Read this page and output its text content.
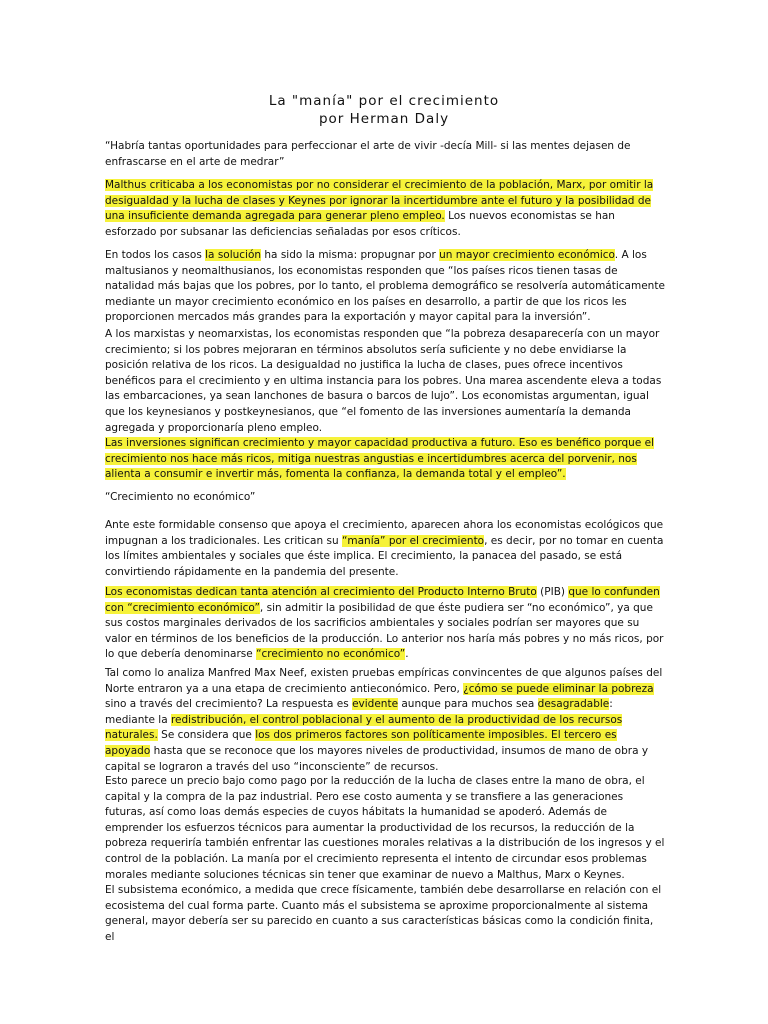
La "manía" por el crecimiento
por Herman Daly

“Habría tantas oportunidades para perfeccionar el arte de vivir -decía Mill- si las mentes dejasen de enfrascarse en el arte de medrar”

Malthus criticaba a los economistas por no considerar el crecimiento de la población, Marx, por omitir la desigualdad y la lucha de clases y Keynes por ignorar la incertidumbre ante el futuro y la posibilidad de una insuficiente demanda agregada para generar pleno empleo. Los nuevos economistas se han esforzado por subsanar las deficiencias señaladas por esos críticos.

En todos los casos la solución ha sido la misma: propugnar por un mayor crecimiento económico. A los maltusianos y neomalthusianos, los economistas responden que “los países ricos tienen tasas de natalidad más bajas que los pobres, por lo tanto, el problema demográfico se resolvería automáticamente mediante un mayor crecimiento económico en los países en desarrollo, a partir de que los ricos les proporcionen mercados más grandes para la exportación y mayor capital para la inversión”.

A los marxistas y neomarxistas, los economistas responden que “la pobreza desaparecería con un mayor crecimiento; si los pobres mejoraran en términos absolutos sería suficiente y no debe envidiarse la posición relativa de los ricos. La desigualdad no justifica la lucha de clases, pues ofrece incentivos benéficos para el crecimiento y en ultima instancia para los pobres. Una marea ascendente eleva a todas las embarcaciones, ya sean lanchones de basura o barcos de lujo”. Los economistas argumentan, igual que los keynesianos y postkeynesianos, que “el fomento de las inversiones aumentaría la demanda agregada y proporcionaría pleno empleo.

Las inversiones significan crecimiento y mayor capacidad productiva a futuro. Eso es benéfico porque el crecimiento nos hace más ricos, mitiga nuestras angustias e incertidumbres acerca del porvenir, nos alienta a consumir e invertir más, fomenta la confianza, la demanda total y el empleo”.

“Crecimiento no económico”

Ante este formidable consenso que apoya el crecimiento, aparecen ahora los economistas ecológicos que impugnan a los tradicionales. Les critican su “manía” por el crecimiento, es decir, por no tomar en cuenta los límites ambientales y sociales que éste implica. El crecimiento, la panacea del pasado, se está convirtiendo rápidamente en la pandemia del presente.

Los economistas dedican tanta atención al crecimiento del Producto Interno Bruto (PIB) que lo confunden con “crecimiento económico”, sin admitir la posibilidad de que éste pudiera ser “no económico”, ya que sus costos marginales derivados de los sacrificios ambientales y sociales podrían ser mayores que su valor en términos de los beneficios de la producción. Lo anterior nos haría más pobres y no más ricos, por lo que debería denominarse “crecimiento no económico”.

Tal como lo analiza Manfred Max Neef, existen pruebas empíricas convincentes de que algunos países del Norte entraron ya a una etapa de crecimiento antieconómico. Pero, ¿cómo se puede eliminar la pobreza sino a través del crecimiento? La respuesta es evidente aunque para muchos sea desagradable: mediante la redistribución, el control poblacional y el aumento de la productividad de los recursos naturales. Se considera que los dos primeros factores son políticamente imposibles. El tercero es apoyado hasta que se reconoce que los mayores niveles de productividad, insumos de mano de obra y capital se lograron a través del uso “inconsciente” de recursos.

Esto parece un precio bajo como pago por la reducción de la lucha de clases entre la mano de obra, el capital y la compra de la paz industrial. Pero ese costo aumenta y se transfiere a las generaciones futuras, así como loas demás especies de cuyos hábitats la humanidad se apoderó. Además de emprender los esfuerzos técnicos para aumentar la productividad de los recursos, la reducción de la pobreza requeriría también enfrentar las cuestiones morales relativas a la distribución de los ingresos y el control de la población. La manía por el crecimiento representa el intento de circundar esos problemas morales mediante soluciones técnicas sin tener que examinar de nuevo a Malthus, Marx o Keynes.

El subsistema económico, a medida que crece físicamente, también debe desarrollarse en relación con el ecosistema del cual forma parte. Cuanto más el subsistema se aproxime proporcionalmente al sistema general, mayor debería ser su parecido en cuanto a sus características básicas como la condición finita, el
